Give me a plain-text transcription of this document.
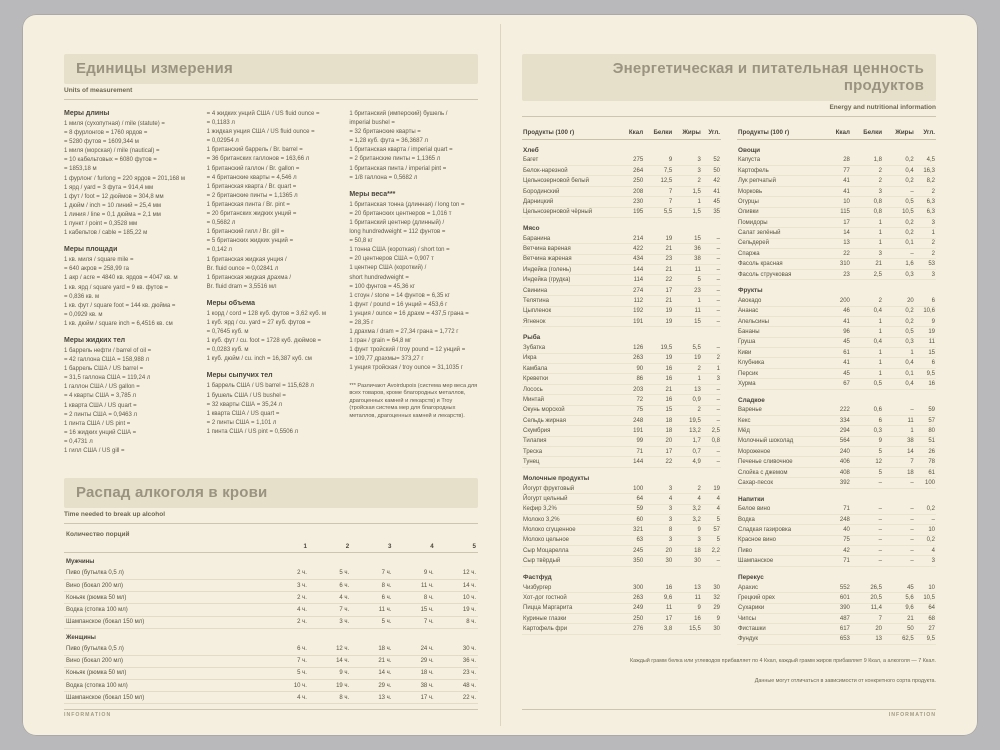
Единицы измерения
Units of measurement
Меры длины

1 миля (сухопутная) / mile (statute) =

= 8 фурлонгов = 1760 ярдов =

= 5280 футов = 1609,344 м

1 миля (морская) / mile (nautical) =

= 10 кабельтовых = 6080 футов =

= 1853,18 м

1 фурлонг / furlong = 220 ярдов = 201,168 м

1 ярд / yard = 3 фута = 914,4 мм

1 фут / foot = 12 дюймов = 304,8 мм

1 дюйм / inch = 10 линий = 25,4 мм

1 линия / line = 0,1 дюйма = 2,1 мм

1 пункт / point = 0,3528 мм

1 кабельтов / cable = 185,22 м

Меры площади

1 кв. миля / square mile =

= 640 акров = 258,99 га

1 акр / acre = 4840 кв. ярдов = 4047 кв. м

1 кв. ярд / square yard = 9 кв. футов =

= 0,836 кв. м

1 кв. фут / square foot = 144 кв. дюйма =

= 0,0929 кв. м

1 кв. дюйм / square inch = 6,4516 кв. см

Меры жидких тел

1 баррель нефти / barrel of oil =

= 42 галлона США = 158,988 л

1 баррель США / US barrel =

= 31,5 галлона США = 119,24 л

1 галлон США / US gallon =

= 4 кварты США = 3,785 л

1 кварта США / US quart =

= 2 пинты США = 0,9463 л

1 пинта США / US pint =

= 16 жидких унций США =

= 0,4731 л

1 гилл США / US gill =

= 4 жидких унций США / US fluid ounce =

= 0,1183 л

1 жидкая унция США / US fluid ounce =

= 0,02954 л

1 британский баррель / Br. barrel =

= 36 британских галлонов = 163,66 л

1 британский галлон / Br. gallon =

= 4 британские кварты = 4,546 л

1 британская кварта / Br. quart =

= 2 британские пинты = 1,1365 л

1 британская пинта / Br. pint =

= 20 британских жидких унций =

= 0,5682 л

1 британский гилл / Br. gill =

= 5 британских жидких унций =

= 0,142 л

1 британская жидкая унция /

Br. fluid ounce = 0,02841 л

1 британская жидкая драхма /

Br. fluid dram = 3,5516 мл

Меры объема

1 корд / cord = 128 куб. футов = 3,62 куб. м

1 куб. ярд / cu. yard = 27 куб. футов =

= 0,7645 куб. м

1 куб. фут / cu. foot = 1728 куб. дюймов =

= 0,0283 куб. м

1 куб. дюйм / cu. inch = 16,387 куб. см

Меры сыпучих тел

1 баррель США / US barrel = 115,628 л

1 бушель США / US bushel =

= 32 кварты США = 35,24 л

1 кварта США / US quart =

= 2 пинты США = 1,101 л

1 пинта США / US pint = 0,5506 л

1 британский (имперский) бушель /

imperial bushel =

= 32 британские кварты =

= 1,28 куб. фута = 36,3687 л

1 британская кварта / imperial quart =

= 2 британские пинты = 1,1365 л

1 британская пинта / imperial pint =

= 1/8 галлона = 0,5682 л

Меры веса***

1 британская тонна (длинная) / long ton =

= 20 британских центнеров = 1,016 т

1 британский центнер (длинный) /

long hundredweight = 112 фунтов =

= 50,8 кг

1 тонна США (короткая) / short ton =

= 20 центнеров США = 0,907 т

1 центнер США (короткий) /

short hundredweight =

= 100 фунтов = 45,36 кг

1 стоун / stone = 14 фунтов = 6,35 кг

1 фунт / pound = 16 унций = 453,6 г

1 унция / ounce = 16 драхм = 437,5 грана =

= 28,35 г

1 драхма / dram = 27,34 грана = 1,772 г

1 гран / grain = 64,8 мг

1 фунт тройский / troy pound = 12 унций =

= 109,77 драхмы= 373,27 г

1 унция тройская / troy ounce = 31,1035 г

*** Различают Avoirdupois (система мер веса для всех товаров, кроме благородных металлов, драгоценных камней и лекарств) и Troy (тройская система мер для благородных металлов, драгоценных камней и лекарств).
Распад алкоголя в крови
Time needed to break up alcohol
Количество порций
	1	2	3	4	5
Мужчины					
Пиво (бутылка 0,5 л)	2 ч.	5 ч.	7 ч.	9 ч.	12 ч.
Вино (бокал 200 мл)	3 ч.	6 ч.	8 ч.	11 ч.	14 ч.
Коньяк (рюмка 50 мл)	2 ч.	4 ч.	6 ч.	8 ч.	10 ч.
Водка (стопка 100 мл)	4 ч.	7 ч.	11 ч.	15 ч.	19 ч.
Шампанское (бокал 150 мл)	2 ч.	3 ч.	5 ч.	7 ч.	8 ч.
Женщины					
Пиво (бутылка 0,5 л)	6 ч.	12 ч.	18 ч.	24 ч.	30 ч.
Вино (бокал 200 мл)	7 ч.	14 ч.	21 ч.	29 ч.	36 ч.
Коньяк (рюмка 50 мл)	5 ч.	9 ч.	14 ч.	18 ч.	23 ч.
Водка (стопка 100 мл)	10 ч.	19 ч.	29 ч.	38 ч.	48 ч.
Шампанское (бокал 150 мл)	4 ч.	8 ч.	13 ч.	17 ч.	22 ч.
INFORMATION
Энергетическая и питательная ценность продуктов
Energy and nutritional information
Продукты (100 г)	Ккал	Белки	Жиры	Угл.
Хлеб				
Багет	275	9	3	52
Белок-нарезной	264	7,5	3	50
Цельнозерновой белый	250	12,5	2	42
Бородинский	208	7	1,5	41
Дарницкий	230	7	1	45
Цельнозерновой чёрный	195	5,5	1,5	35
Мясо				
Баранина	214	19	15	–
Ветчина вареная	422	21	36	–
Ветчина жареная	434	23	38	–
Индейка (голень)	144	21	11	–
Индейка (грудка)	114	22	5	–
Свинина	274	17	23	–
Телятина	112	21	1	–
Цыпленок	192	19	11	–
Ягненок	191	19	15	–
Рыба				
Зубатка	126	19,5	5,5	–
Икра	263	19	19	2
Камбала	90	16	2	1
Креветки	86	16	1	3
Лосось	203	21	13	–
Минтай	72	16	0,9	–
Окунь морской	75	15	2	–
Сельдь жирная	248	18	19,5	–
Скумбрия	191	18	13,2	2,5
Тилапия	99	20	1,7	0,8
Треска	71	17	0,7	–
Тунец	144	22	4,9	–
Молочные продукты				
Йогурт фруктовый	100	3	2	19
Йогурт цельный	64	4	4	4
Кефир 3,2%	59	3	3,2	4
Молоко 3,2%	60	3	3,2	5
Молоко сгущенное	321	8	9	57
Молоко цельное	63	3	3	5
Сыр Моцарелла	245	20	18	2,2
Сыр твёрдый	350	30	30	–
Фастфуд				
Чизбургер	300	16	13	30
Хот-дог гостной	263	9,6	11	32
Пицца Маргарита	249	11	9	29
Куриные глазки	250	17	16	9
Картофель фри	276	3,8	15,5	30
Продукты (100 г)	Ккал	Белки	Жиры	Угл.
Овощи				
Капуста	28	1,8	0,2	4,5
Картофель	77	2	0,4	16,3
Лук репчатый	41	2	0,2	8,2
Морковь	41	3	–	2
Огурцы	10	0,8	0,5	6,3
Оливки	115	0,8	10,5	6,3
Помидоры	17	1	0,2	3
Салат зелёный	14	1	0,2	1
Сельдерей	13	1	0,1	2
Спаржа	22	3	–	2
Фасоль красная	310	21	1,6	53
Фасоль стручковая	23	2,5	0,3	3
Фрукты				
Авокадо	200	2	20	6
Ананас	46	0,4	0,2	10,6
Апельсины	41	1	0,2	9
Бананы	96	1	0,5	19
Груша	45	0,4	0,3	11
Киви	61	1	1	15
Клубника	41	1	0,4	6
Персик	45	1	0,1	9,5
Хурма	67	0,5	0,4	16
Сладкое				
Варенье	222	0,6	–	59
Кекс	334	6	11	57
Мёд	294	0,3	1	80
Молочный шоколад	564	9	38	51
Мороженое	240	5	14	26
Печенье сливочное	406	12	7	78
Слойка с джемом	408	5	18	61
Сахар-песок	392	–	–	100
Напитки				
Белое вино	71	–	–	0,2
Водка	248	–	–	–
Сладкая газировка	40	–	–	10
Красное вино	75	–	–	0,2
Пиво	42	–	–	4
Шампанское	71	–	–	3
Перекус				
Арахис	552	26,5	45	10
Грецкий орех	601	20,5	5,6	10,5
Сухарики	390	11,4	9,6	64
Чипсы	487	7	21	68
Фисташки	617	20	50	27
Фундук	653	13	62,5	9,5
Каждый грамм белка или углеводов прибавляет по 4 Ккал, каждый грамм жиров прибавляет 9 Ккал, а алкоголя — 7 Ккал.
Данные могут отличаться в зависимости от конкретного сорта продукта.
INFORMATION
